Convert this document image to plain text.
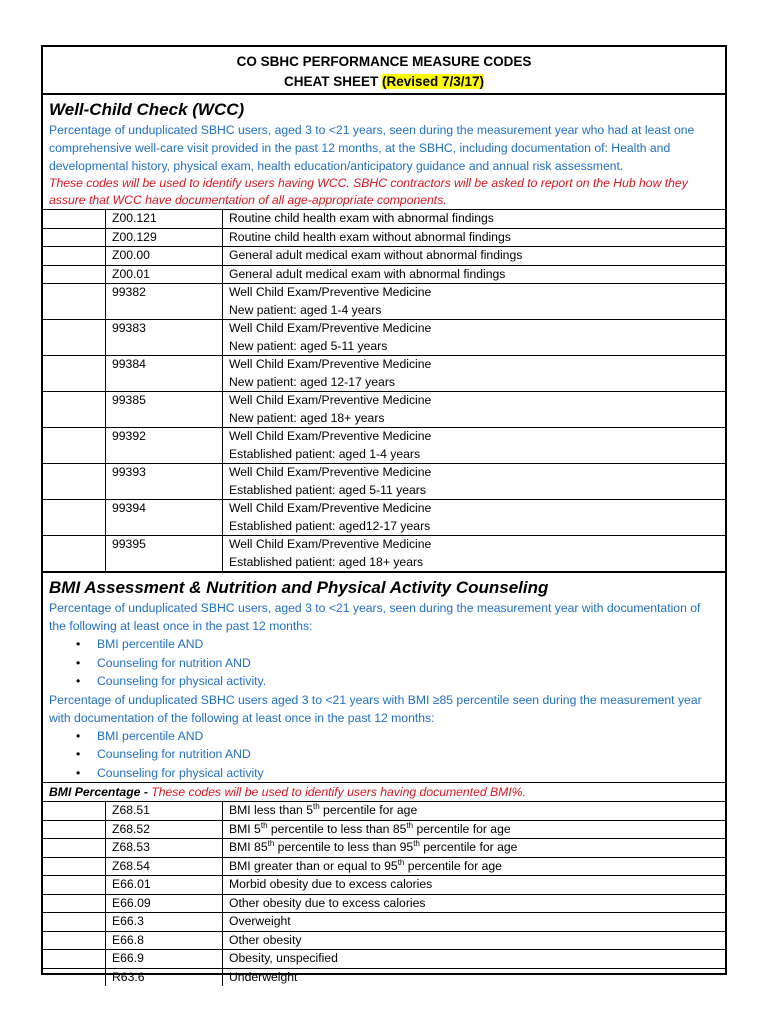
CO SBHC PERFORMANCE MEASURE CODES
CHEAT SHEET (Revised 7/3/17)
Well-Child Check (WCC)
Percentage of unduplicated SBHC users, aged 3 to <21 years, seen during the measurement year who had at least one comprehensive well-care visit provided in the past 12 months, at the SBHC, including documentation of: Health and developmental history, physical exam, health education/anticipatory guidance and annual risk assessment.
These codes will be used to identify users having WCC. SBHC contractors will be asked to report on the Hub how they assure that WCC have documentation of all age-appropriate components.
	Z00.121	Routine child health exam with abnormal findings

	Z00.129	Routine child health exam without abnormal findings

	Z00.00	General adult medical exam without abnormal findings

	Z00.01	General adult medical exam with abnormal findings

	99382	Well Child Exam/Preventive Medicine
New patient: aged 1-4 years

	99383	Well Child Exam/Preventive Medicine
New patient: aged 5-11 years

	99384	Well Child Exam/Preventive Medicine
New patient: aged 12-17 years

	99385	Well Child Exam/Preventive Medicine
New patient: aged 18+ years

	99392	Well Child Exam/Preventive Medicine
Established patient: aged 1-4 years

	99393	Well Child Exam/Preventive Medicine
Established patient: aged 5-11 years

	99394	Well Child Exam/Preventive Medicine
Established patient: aged12-17 years

	99395	Well Child Exam/Preventive Medicine
Established patient: aged 18+ years
BMI Assessment & Nutrition and Physical Activity Counseling
Percentage of unduplicated SBHC users, aged 3 to <21 years, seen during the measurement year with documentation of the following at least once in the past 12 months:
• BMI percentile AND
• Counseling for nutrition AND
• Counseling for physical activity.
Percentage of unduplicated SBHC users aged 3 to <21 years with BMI ≥85 percentile seen during the measurement year with documentation of the following at least once in the past 12 months:
• BMI percentile AND
• Counseling for nutrition AND
• Counseling for physical activity
BMI Percentage - These codes will be used to identify users having documented BMI%.
	Z68.51	BMI less than 5th percentile for age
	Z68.52	BMI 5th percentile to less than 85th percentile for age
	Z68.53	BMI 85th percentile to less than 95th percentile for age
	Z68.54	BMI greater than or equal to 95th percentile for age
	E66.01	Morbid obesity due to excess calories
	E66.09	Other obesity due to excess calories
	E66.3	Overweight
	E66.8	Other obesity
	E66.9	Obesity, unspecified
	R63.6	Underweight
